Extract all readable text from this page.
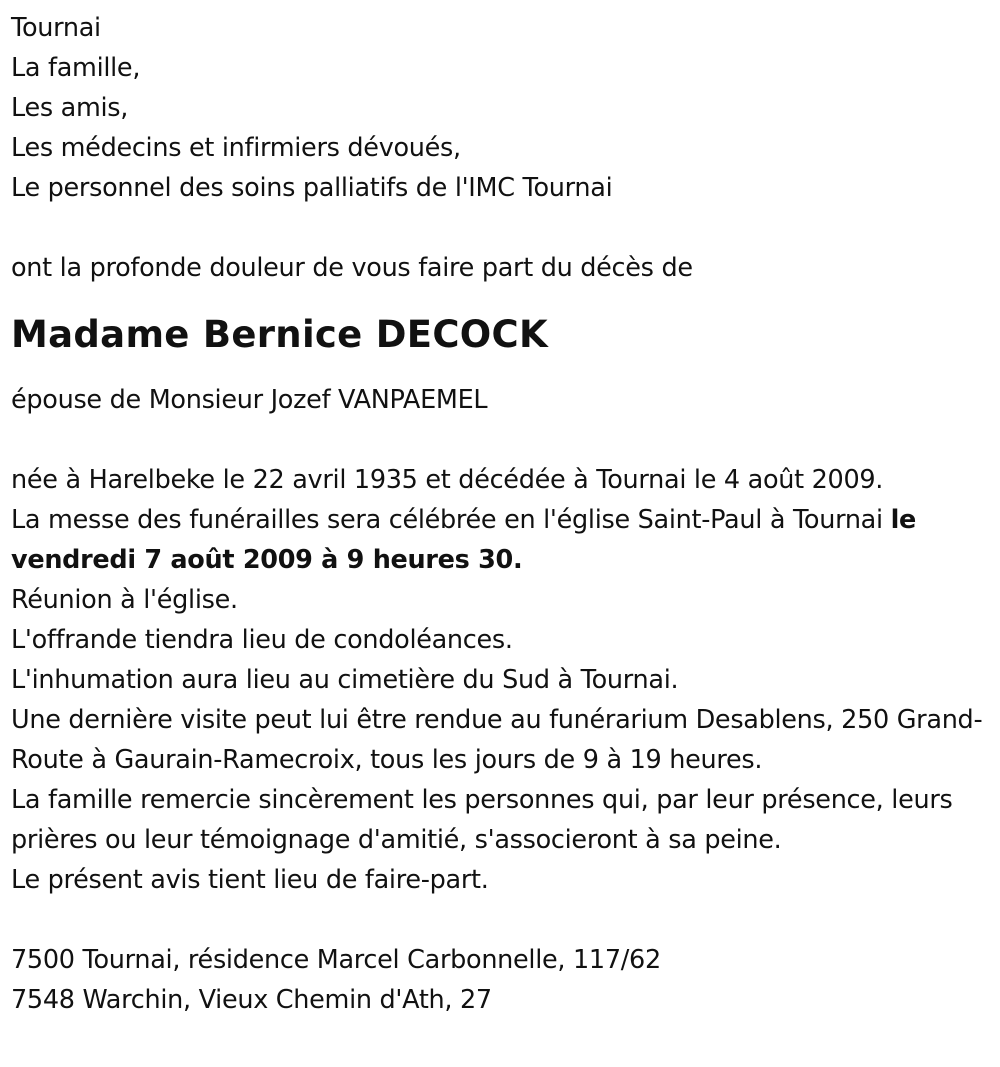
Tournai
La famille,
Les amis,
Les médecins et infirmiers dévoués,
Le personnel des soins palliatifs de l'IMC Tournai
ont la profonde douleur de vous faire part du décès de
Madame Bernice DECOCK
épouse de Monsieur Jozef VANPAEMEL
née à Harelbeke le 22 avril 1935 et décédée à Tournai le 4 août 2009.
La messe des funérailles sera célébrée en l'église Saint-Paul à Tournai le vendredi 7 août 2009 à 9 heures 30.
Réunion à l'église.
L'offrande tiendra lieu de condoléances.
L'inhumation aura lieu au cimetière du Sud à Tournai.
Une dernière visite peut lui être rendue au funérarium Desablens, 250 Grand-Route à Gaurain-Ramecroix, tous les jours de 9 à 19 heures.
La famille remercie sincèrement les personnes qui, par leur présence, leurs prières ou leur témoignage d'amitié, s'associeront à sa peine.
Le présent avis tient lieu de faire-part.
7500 Tournai, résidence Marcel Carbonnelle, 117/62
7548 Warchin, Vieux Chemin d'Ath, 27
